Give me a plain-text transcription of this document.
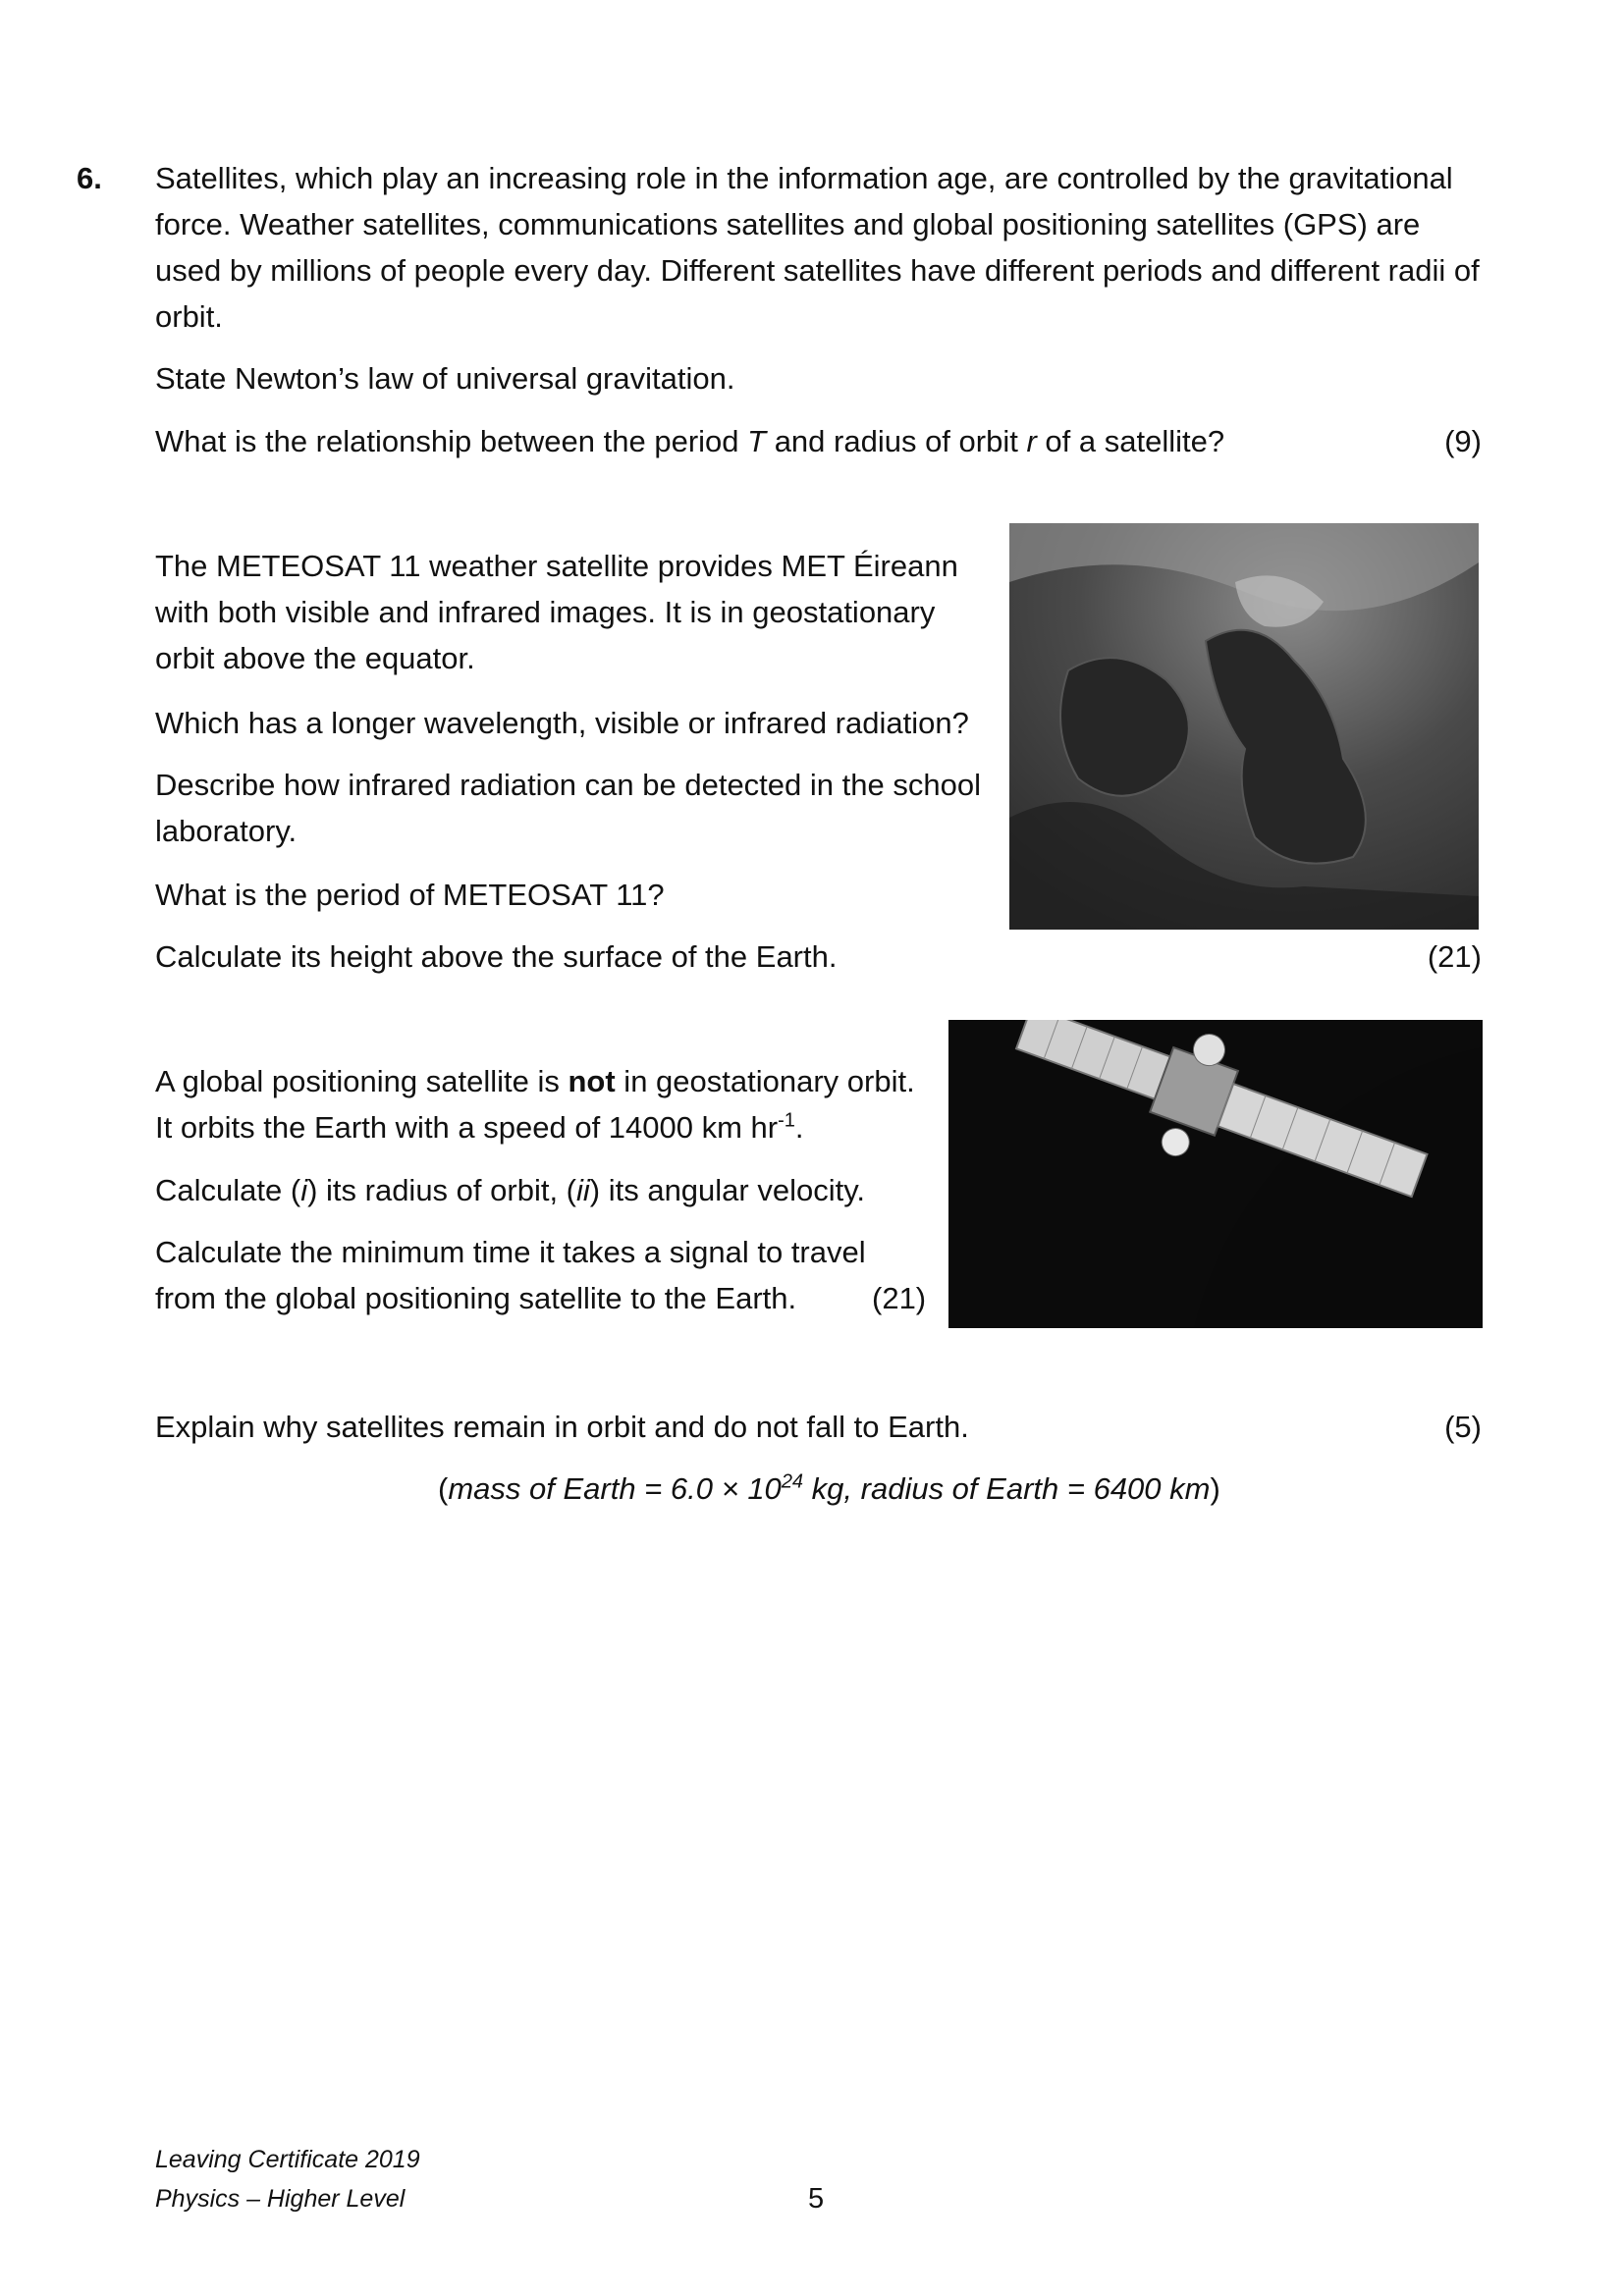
6. Satellites, which play an increasing role in the information age, are controlled by the gravitational force. Weather satellites, communications satellites and global positioning satellites (GPS) are used by millions of people every day. Different satellites have different periods and different radii of orbit.
State Newton’s law of universal gravitation.
What is the relationship between the period T and radius of orbit r of a satellite?	(9)
The METEOSAT 11 weather satellite provides MET Éireann with both visible and infrared images. It is in geostationary orbit above the equator.
Which has a longer wavelength, visible or infrared radiation?
Describe how infrared radiation can be detected in the school laboratory.
What is the period of METEOSAT 11?
Calculate its height above the surface of the Earth.	(21)
A global positioning satellite is not in geostationary orbit.
It orbits the Earth with a speed of 14000 km $hr^{-1}$.
Calculate (i) its radius of orbit, (ii) its angular velocity.
Calculate the minimum time it takes a signal to travel
from the global positioning satellite to the Earth. (21)
Explain why satellites remain in orbit and do not fall to Earth.	(5)
(mass of Earth = $6.0 \times 10^{24}$ kg, radius of Earth = 6400 km)
Leaving Certificate 2019
Physics – Higher Level	5
